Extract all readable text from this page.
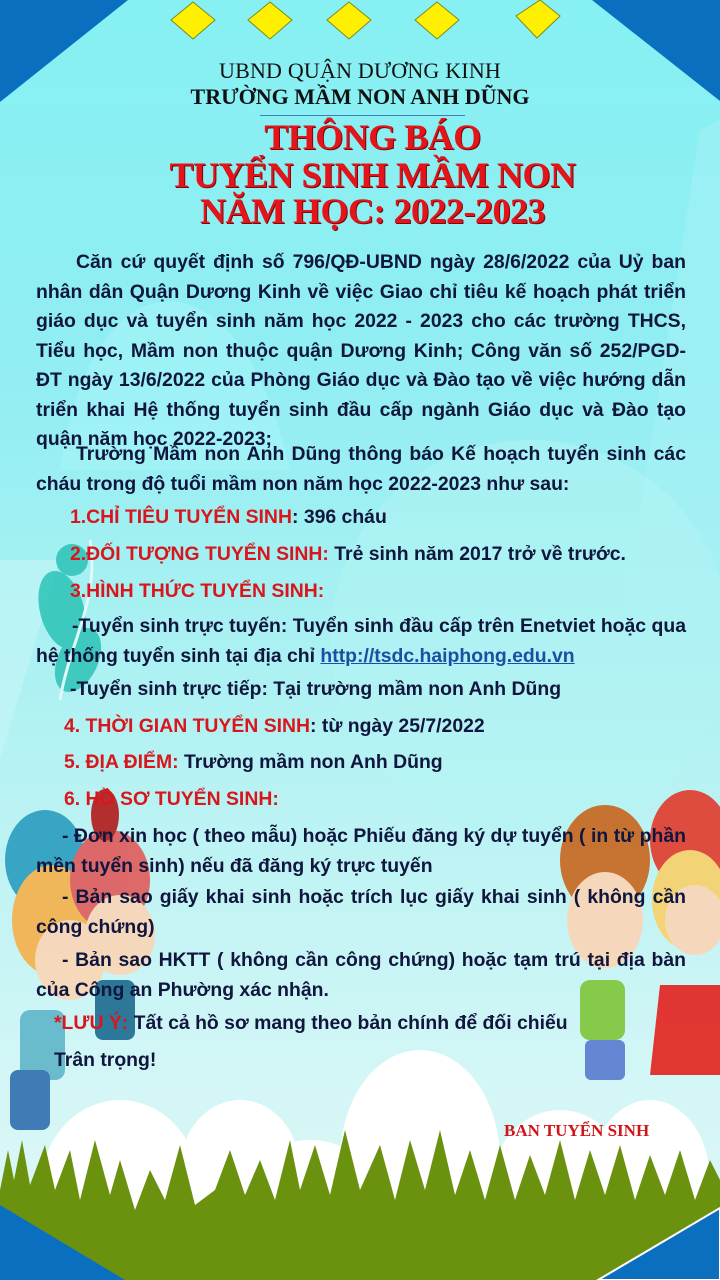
UBND QUẬN DƯƠNG KINH
TRƯỜNG MẦM NON ANH DŨNG
THÔNG BÁO
TUYỂN SINH MẦM NON
NĂM HỌC: 2022-2023
Căn cứ quyết định số 796/QĐ-UBND ngày 28/6/2022 của Uỷ ban nhân dân Quận Dương Kinh về việc Giao chỉ tiêu kế hoạch phát triển giáo dục và tuyển sinh năm học 2022 - 2023 cho các trường THCS, Tiểu học, Mầm non thuộc quận Dương Kinh; Công văn số 252/PGD-ĐT ngày 13/6/2022 của Phòng Giáo dục và Đào tạo về việc hướng dẫn triển khai Hệ thống tuyển sinh đầu cấp ngành Giáo dục và Đào tạo quận năm học 2022-2023;
Trường Mầm non Anh Dũng thông báo Kế hoạch tuyển sinh các cháu trong độ tuổi mầm non năm học 2022-2023 như sau:
1.CHỈ TIÊU TUYỂN SINH: 396 cháu
2.ĐỐI TƯỢNG TUYỂN SINH: Trẻ sinh năm 2017 trở về trước.
3.HÌNH THỨC TUYỂN SINH:
-Tuyển sinh trực tuyến: Tuyển sinh đầu cấp trên Enetviet hoặc qua hệ thống tuyển sinh tại địa chỉ http://tsdc.haiphong.edu.vn
-Tuyển sinh trực tiếp: Tại trường mầm non Anh Dũng
4. THỜI GIAN TUYỂN SINH: từ ngày 25/7/2022
5. ĐỊA ĐIỂM: Trường mầm non Anh Dũng
6. HỒ SƠ TUYỂN SINH:
- Đơn xin học ( theo mẫu) hoặc Phiếu đăng ký dự tuyển ( in từ phần mền tuyển sinh) nếu đã đăng ký trực tuyến
- Bản sao giấy khai sinh hoặc trích lục giấy khai sinh ( không cần công chứng)
- Bản sao HKTT ( không cần công chứng) hoặc tạm trú tại địa bàn của Công an Phường xác nhận.
*LƯU Ý: Tất cả hồ sơ mang theo bản chính để đối chiếu
Trân trọng!
BAN TUYỂN SINH
